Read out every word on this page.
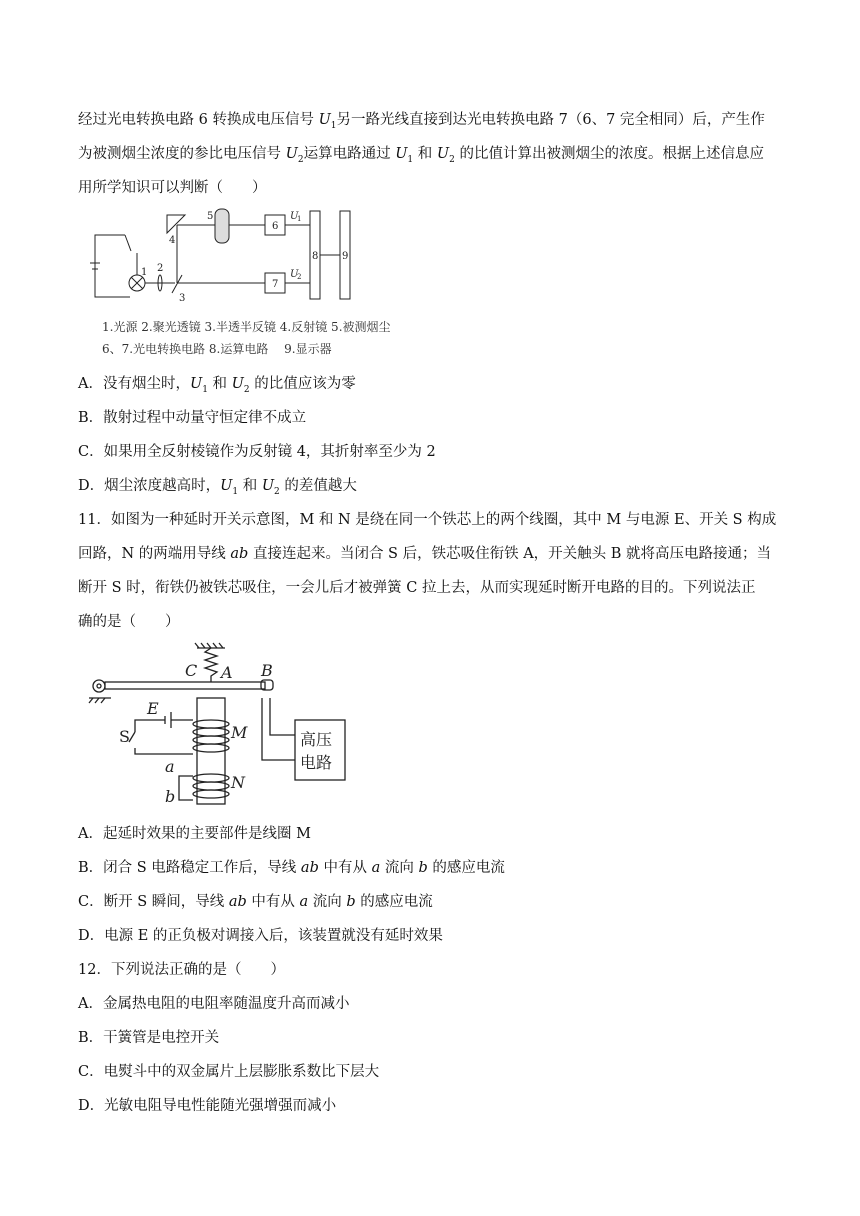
经过光电转换电路 6 转换成电压信号 $U_1$另一路光线直接到达光电转换电路 7（6、7 完全相同）后，产生作
为被测烟尘浓度的参比电压信号 $U_2$运算电路通过 $U_1$ 和 $U_2$ 的比值计算出被测烟尘的浓度。根据上述信息应
用所学知识可以判断（　　）
1 2
3
4
5
6
7
8 9
U
1
U
2
1.光源 2.聚光透镜 3.半透半反镜 4.反射镜 5.被测烟尘
6、7.光电转换电路 8.运算电路　 9.显示器
A．没有烟尘时，$U_1$ 和 $U_2$ 的比值应该为零
B．散射过程中动量守恒定律不成立
C．如果用全反射棱镜作为反射镜 4，其折射率至少为 2
D．烟尘浓度越高时，$U_1$ 和 $U_2$ 的差值越大
11．如图为一种延时开关示意图，M 和 N 是绕在同一个铁芯上的两个线圈，其中 M 与电源 E、开关 S 构成
回路，N 的两端用导线 ab 直接连起来。当闭合 S 后，铁芯吸住衔铁 A，开关触头 B 就将高压电路接通；当
断开 S 时，衔铁仍被铁芯吸住，一会儿后才被弹簧 C 拉上去，从而实现延时断开电路的目的。下列说法正
确的是（　　）
C A B
E
S	M
N
a
b
高压
电路
A．起延时效果的主要部件是线圈 M
B．闭合 S 电路稳定工作后，导线 ab 中有从 a 流向 b 的感应电流
C．断开 S 瞬间，导线 ab 中有从 a 流向 b 的感应电流
D．电源 E 的正负极对调接入后，该装置就没有延时效果
12．下列说法正确的是（　　）
A．金属热电阻的电阻率随温度升高而减小
B．干簧管是电控开关
C．电熨斗中的双金属片上层膨胀系数比下层大
D．光敏电阻导电性能随光强增强而减小
